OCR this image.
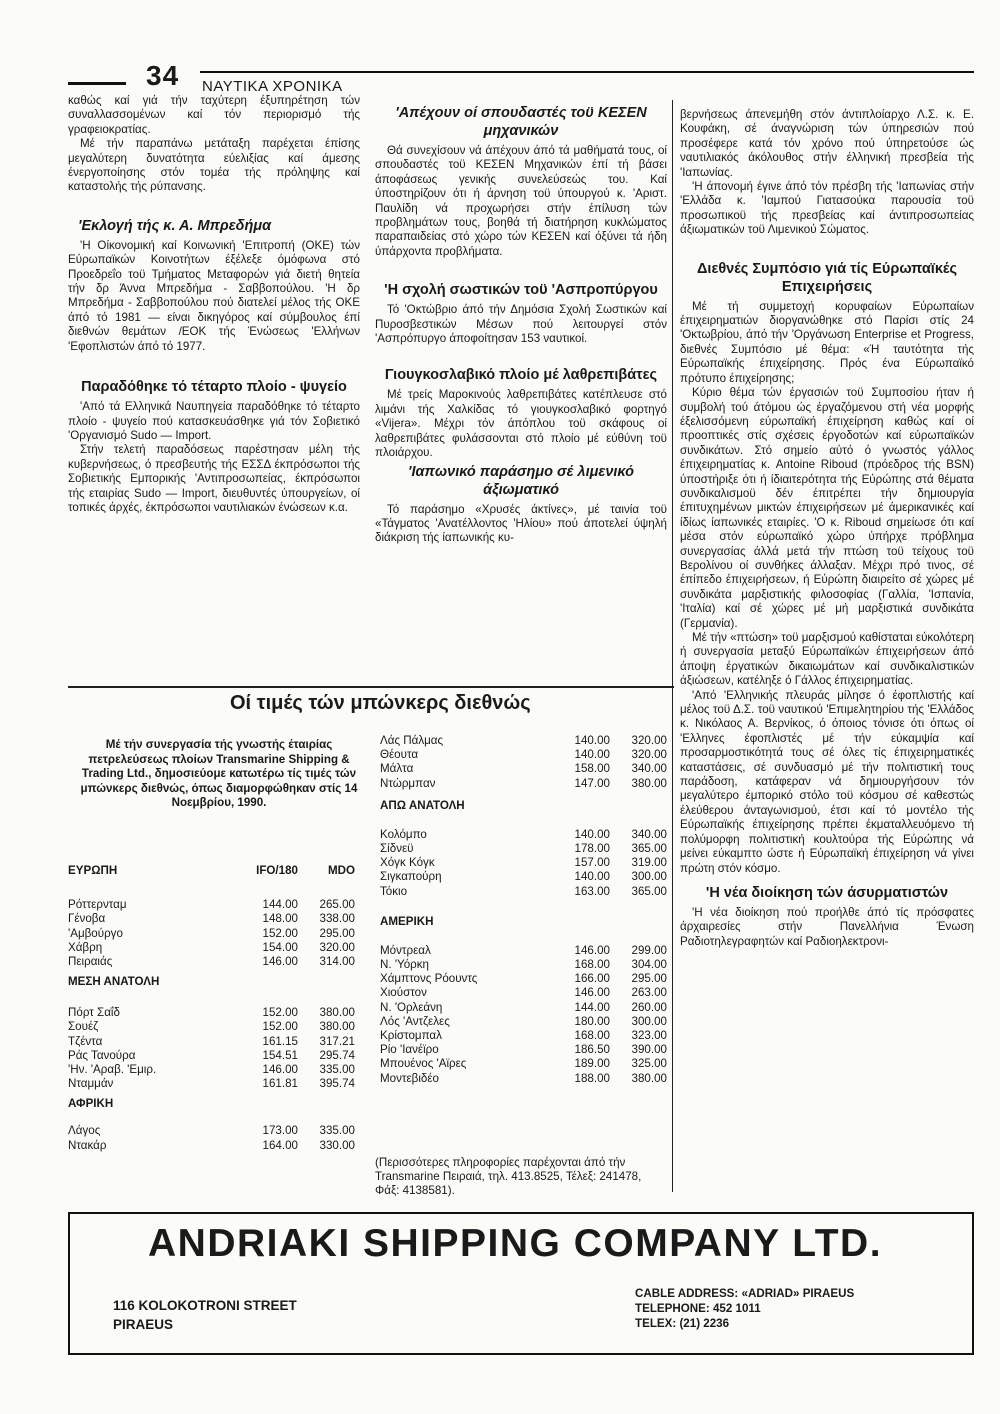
34 ΝΑΥΤΙΚΑ ΧΡΟΝΙΚΑ

καθώς καί γιά τήν ταχύτερη έξυπηρέτηση τών συναλλασσομένων καί τόν περιορισμό τής γραφειοκρατίας.

Μέ τήν παραπάνω μετάταξη παρέχεται έπίσης μεγαλύτερη δυνατότητα εύελιξίας καί άμεσης ένεργοποίησης στόν τομέα τής πρόληψης καί καταστολής τής ρύπανσης.

'Εκλογή τής κ. Α. Μπρεδήμα

'Η Οίκονομική καί Κοινωνική 'Επιτροπή (ΟΚΕ) τών Εύρωπαϊκών Κοινοτήτων έξέλεξε όμόφωνα στό Προεδρεΐο τοϋ Τμήματος Μεταφορών γιά διετή θητεία τήν δρ Άννα Μπρεδήμα - Σαββοπούλου. 'Η δρ Μπρεδήμα - Σαββοπούλου πού διατελεί μέλος τής ΟΚΕ άπό τό 1981 — είναι δικηγόρος καί σύμβουλος έπί διεθνών θεμάτων /ΕΟΚ τής Ένώσεως 'Ελλήνων 'Εφοπλιστών άπό τό 1977.

Παραδόθηκε τό τέταρτο πλοίο - ψυγείο

'Από τά Ελληνικά Ναυπηγεία παραδόθηκε τό τέταρτο πλοίο - ψυγείο πού κατασκευάσθηκε γιά τόν Σοβιετικό 'Οργανισμό Sudo — Import.

Στήν τελετή παραδόσεως παρέστησαν μέλη τής κυβερνήσεως, ό πρεσβευτής τής ΕΣΣΔ έκπρόσωποι τής Σοβιετικής Εμπορικής 'Αντιπροσωπείας, έκπρόσωποι τής εταιρίας Sudo — Import, διευθυντές ύπουργείων, οί τοπικές άρχές, έκπρόσωποι ναυτιλιακών ένώσεων κ.α.

'Απέχουν οί σπουδαστές τοϋ ΚΕΣΕΝ μηχανικών

Θά συνεχίσουν νά άπέχουν άπό τά μαθήματά τους, οί σπουδαστές τοϋ ΚΕΣΕΝ Μηχανικών έπί τή βάσει άποφάσεως γενικής συνελεύσεώς του. Καί ύποστηρίζουν ότι ή άρνηση τοϋ ύπουργού κ. 'Αριστ. Παυλίδη νά προχωρήσει στήν έπίλυση τών προβλημάτων τους, βοηθά τή διατήρηση κυκλώματος παραπαιδείας στό χώρο τών ΚΕΣΕΝ καί όξύνει τά ήδη ύπάρχοντα προβλήματα.

'Η σχολή σωστικών τοϋ 'Ασπροπύργου

Τό 'Οκτώβριο άπό τήν Δημόσια Σχολή Σωστικών καί Πυροσβεστικών Μέσων πού λειτουργεί στόν 'Ασπρόπυργο άποφοίτησαν 153 ναυτικοί.

Γιουγκοσλαβικό πλοίο μέ λαθρεπιβάτες

Μέ τρείς Μαροκινούς λαθρεπιβάτες κατέπλευσε στό λιμάνι τής Χαλκίδας τό γιουγκοσλαβικό φορτηγό «Vijera». Μέχρι τόν άπόπλου τοϋ σκάφους οί λαθρεπιβάτες φυλάσσονται στό πλοίο μέ εύθύνη τοϋ πλοιάρχου.

'Ιαπωνικό παράσημο σέ λιμενικό άξιωματικό

Τό παράσημο «Χρυσές άκτίνες», μέ ταινία τοϋ «Τάγματος 'Ανατέλλοντος 'Ηλίου» πού άποτελεί ύψηλή διάκριση τής ίαπωνικής κυ-

βερνήσεως άπενεμήθη στόν άντιπλοίαρχο Λ.Σ. κ. Ε. Κουφάκη, σέ άναγνώριση τών ύπηρεσιών πού προσέφερε κατά τόν χρόνο πού ύπηρετούσε ώς ναυτιλιακός άκόλουθος στήν έλληνική πρεσβεία τής 'Ιαπωνίας.

'Η άπονομή έγινε άπό τόν πρέσβη τής 'Ιαπωνίας στήν 'Ελλάδα κ. 'Ιαμπού Γιατασούκα παρουσία τοϋ προσωπικοϋ τής πρεσβείας καί άντιπροσωπείας άξιωματικών τοϋ Λιμενικού Σώματος.

Διεθνές Συμπόσιο γιά τίς Εύρωπαϊκές Επιχειρήσεις

Μέ τή συμμετοχή κορυφαίων Εύρωπαίων έπιχειρηματιών διοργανώθηκε στό Παρίσι στίς 24 'Οκτωβρίου, άπό τήν 'Οργάνωση Enterprise et Progress, διεθνές Συμπόσιο μέ θέμα: «Ή ταυτότητα τής Εύρωπαϊκής έπιχείρησης. Πρός ένα Εύρωπαϊκό πρότυπο έπιχείρησης;

Κύριο θέμα τών έργασιών τοϋ Συμποσίου ήταν ή συμβολή τού άτόμου ώς έργαζόμενου στή νέα μορφής έξελισσόμενη εύρωπαϊκή έπιχείρηση καθώς καί οί προοπτικές στίς σχέσεις έργοδοτών καί εύρωπαϊκών συνδικάτων. Στό σημείο αύτό ό γνωστός γάλλος έπιχειρηματίας κ. Antoine Riboud (πρόεδρος τής BSN) ύποστήριξε ότι ή ίδιαιτερότητα τής Εύρώπης στά θέματα συνδικαλισμοϋ δέν έπιτρέπει τήν δημιουργία έπιτυχημένων μικτών έπιχειρήσεων μέ άμερικανικές καί ίδίως ίαπωνικές εταιρίες. 'Ο κ. Riboud σημείωσε ότι καί μέσα στόν εύρωπαϊκό χώρο ύπήρχε πρόβλημα συνεργασίας άλλά μετά τήν πτώση τοϋ τείχους τοϋ Βερολίνου οί συνθήκες άλλαξαν. Μέχρι πρό τινος, σέ έπίπεδο έπιχειρήσεων, ή Εύρώπη διαιρείτο σέ χώρες μέ συνδικάτα μαρξιστικής φιλοσοφίας (Γαλλία, 'Ισπανία, 'Ιταλία) καί σέ χώρες μέ μή μαρξιστικά συνδικάτα (Γερμανία).

Μέ τήν «πτώση» τοϋ μαρξισμού καθίσταται εύκολότερη ή συνεργασία μεταξύ Εύρωπαϊκών έπιχειρήσεων άπό άποψη έργατικών δικαιωμάτων καί συνδικαλιστικών άξιώσεων, κατέληξε ό Γάλλος έπιχειρηματίας.

'Από 'Ελληνικής πλευράς μίλησε ό έφοπλιστής καί μέλος τοϋ Δ.Σ. τοϋ ναυτικού 'Επιμελητηρίου τής 'Ελλάδος κ. Νικόλαος Α. Βερνίκος, ό όποιος τόνισε ότι όπως οί 'Ελληνες έφοπλιστές μέ τήν εύκαμψία καί προσαρμοστικότητά τους σέ όλες τίς έπιχειρηματικές καταστάσεις, σέ συνδυασμό μέ τήν πολιτιστική τους παράδοση, κατάφεραν νά δημιουργήσουν τόν μεγαλύτερο έμπορικό στόλο τοϋ κόσμου σέ καθεστώς έλεύθερου άνταγωνισμού, έτσι καί τό μοντέλο τής Εύρωπαϊκής έπιχείρησης πρέπει έκματαλλευόμενο τή πολύμορφη πολιτιστική κουλτούρα τής Εύρώπης νά μείνει εύκαμπτο ώστε ή Εύρωπαϊκή έπιχείρηση νά γίνει πρώτη στόν κόσμο.

'Η νέα διοίκηση τών άσυρματιστών

'Η νέα διοίκηση πού προήλθε άπό τίς πρόσφατες άρχαιρεσίες στήν Πανελλήνια Ένωση Ραδιοτηλεγραφητών καί Ραδιοηλεκτρονι-

Οί τιμές τών μπώνκερς διεθνώς
Μέ τήν συνεργασία τής γνωστής έταιρίας πετρελεύσεως πλοίων Transmarine Shipping & Trading Ltd., δημοσιεύομε κατωτέρω τίς τιμές τών μπώνκερς διεθνώς, όπως διαμορφώθηκαν στίς 14 Νοεμβρίου, 1990.
ΕΥΡΩΠΗ	IFO/180	MDO
Ρόττερνταμ	144.00	265.00
Γένοβα	148.00	338.00
'Αμβούργο	152.00	295.00
Χάβρη	154.00	320.00
Πειραιάς	146.00	314.00
ΜΕΣΗ ΑΝΑΤΟΛΗ
Πόρτ Σαΐδ	152.00	380.00
Σουέζ	152.00	380.00
Τζέντα	161.15	317.21
Ράς Τανούρα	154.51	295.74
'Ην. 'Αραβ. 'Εμιρ.	146.00	335.00
Νταμμάν	161.81	395.74
ΑΦΡΙΚΗ
Λάγος	173.00	335.00
Ντακάρ	164.00	330.00
Λάς Πάλμας	140.00	320.00
Θέουτα	140.00	320.00
Μάλτα	158.00	340.00
Ντώρμπαν	147.00	380.00
ΑΠΩ ΑΝΑΤΟΛΗ
Κολόμπο	140.00	340.00
Σίδνεϋ	178.00	365.00
Χόγκ Κόγκ	157.00	319.00
Σιγκαπούρη	140.00	300.00
Τόκιο	163.00	365.00
ΑΜΕΡΙΚΗ
Μόντρεαλ	146.00	299.00
Ν. 'Υόρκη	168.00	304.00
Χάμπτονς Ρόουντς	166.00	295.00
Χιούστον	146.00	263.00
Ν. 'Ορλεάνη	144.00	260.00
Λός 'Αντζελες	180.00	300.00
Κρίστομπαλ	168.00	323.00
Ρίο 'Ιανέϊρο	186.50	390.00
Μπουένος 'Αϊρες	189.00	325.00
Μοντεβιδέο	188.00	380.00
(Περισσότερες πληροφορίες παρέχονται άπό τήν Transmarine Πειραιά, τηλ. 413.8525, Τέλεξ: 241478, Φάξ: 4138581).
ANDRIAKI SHIPPING COMPANY LTD.
116 KOLOKOTRONI STREET
PIRAEUS
CABLE ADDRESS: «ADRIAD» PIRAEUS
TELEPHONE: 452 1011
TELEX: (21) 2236
